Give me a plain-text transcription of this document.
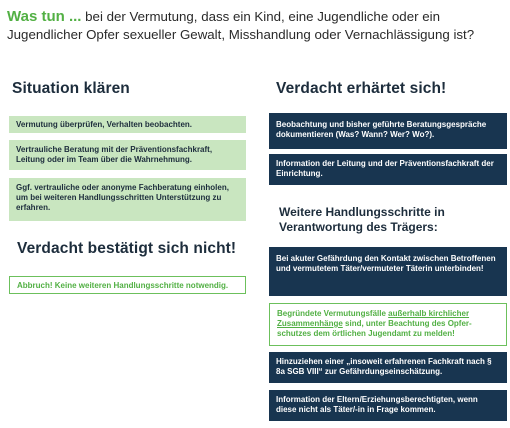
Was tun ... bei der Vermutung, dass ein Kind, eine Jugendliche oder ein Jugendlicher Opfer sexueller Gewalt, Misshandlung oder Vernachlässigung ist?
Situation klären
Vermutung überprüfen, Verhalten beobachten.
Vertrauliche Beratung mit der Präventionsfachkraft, Leitung oder im Team über die Wahrnehmung.
Ggf. vertrauliche oder anonyme Fachberatung einholen, um bei weiteren Handlungsschritten Unterstützung zu erfahren.
Verdacht bestätigt sich nicht!
Abbruch! Keine weiteren Handlungsschritte notwendig.
Verdacht erhärtet sich!
Beobachtung und bisher geführte Beratungsgespräche dokumentieren (Was? Wann? Wer? Wo?).
Information der Leitung und der Präventionsfachkraft der Einrichtung.
Weitere Handlungsschritte in Verantwortung des Trägers:
Bei akuter Gefährdung den Kontakt zwischen Betroffenen und vermutetem Täter/vermuteter Täterin unterbinden!
Begründete Vermutungsfälle außerhalb kirchlicher Zusammenhänge sind, unter Beachtung des Opfer-schutzes dem örtlichen Jugendamt zu melden!
Hinzuziehen einer „insoweit erfahrenen Fachkraft nach § 8a SGB VIII“ zur Gefährdungseinschätzung.
Information der Eltern/Erziehungsberechtigten, wenn diese nicht als Täter/-in in Frage kommen.
